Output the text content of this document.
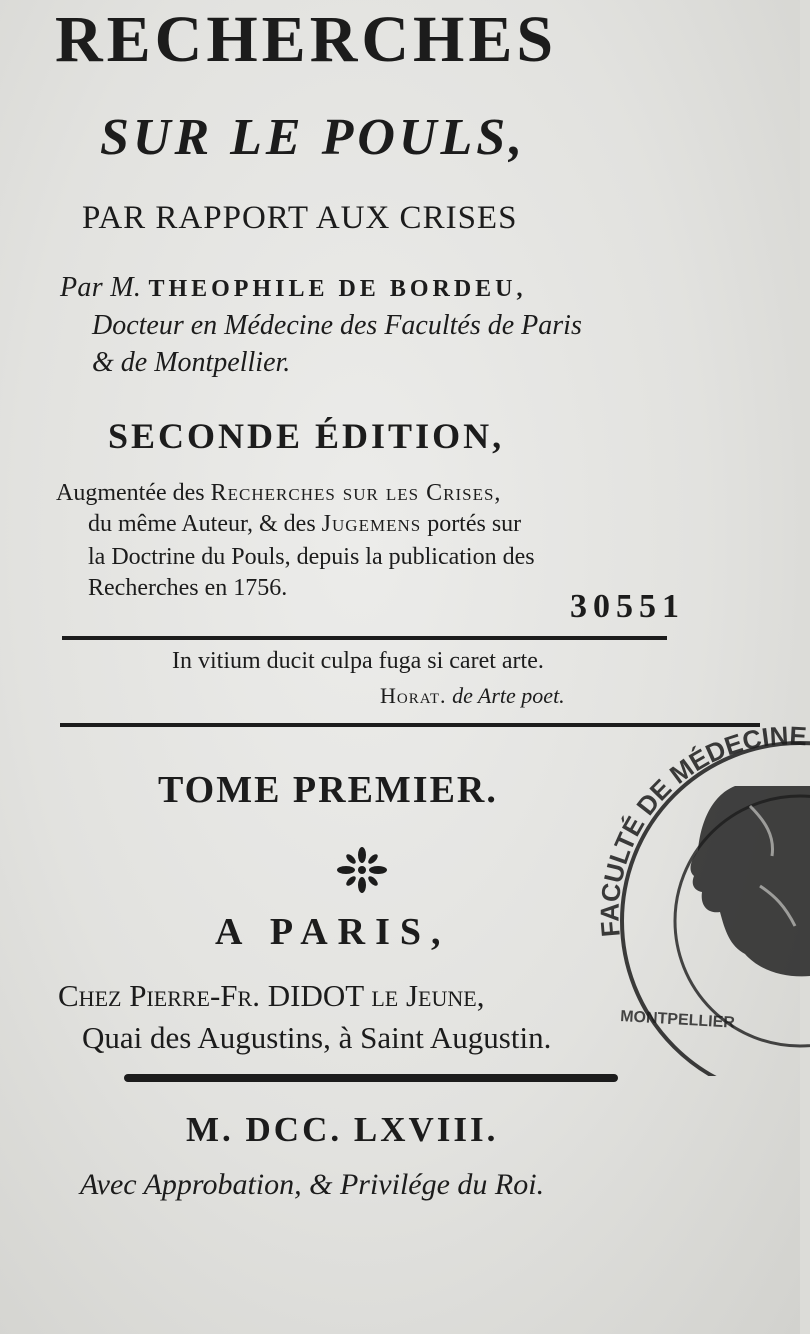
RECHERCHES
SUR LE POULS,
PAR RAPPORT AUX CRISES
Par M. THEOPHILE DE BORDEU,
Docteur en Médecine des Facultés de Paris
& de Montpellier.
SECONDE ÉDITION,
Augmentée des Recherches sur les Crises,
du même Auteur, & des Jugemens portés sur
la Doctrine du Pouls, depuis la publication des
Recherches en 1756.	30551
In vitium ducit culpa fuga si caret arte.
Horat. de Arte poet.
TOME PREMIER.
A PARIS,
Chez Pierre-Fr. DIDOT le Jeune,
Quai des Augustins, à Saint Augustin.
M. DCC. LXVIII.
Avec Approbation, & Privilége du Roi.
FACULTÉ DE MÉDECINE
MONTPELLIER
